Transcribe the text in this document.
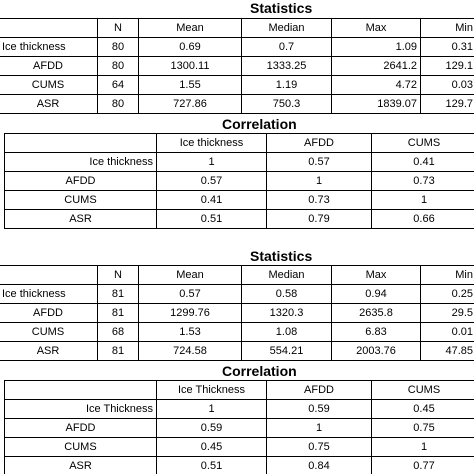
Statistics
	N	Mean	Median	Max	Min
Ice thickness	80	0.69	0.7	1.09	0.31
AFDD	80	1300.11	1333.25	2641.2	129.1
CUMS	64	1.55	1.19	4.72	0.03
ASR	80	727.86	750.3	1839.07	129.7
Correlation
	Ice thickness	AFDD	CUMS
Ice thickness	1	0.57	0.41
AFDD	0.57	1	0.73
CUMS	0.41	0.73	1
ASR	0.51	0.79	0.66
Statistics
	N	Mean	Median	Max	Min
Ice thickness	81	0.57	0.58	0.94	0.25
AFDD	81	1299.76	1320.3	2635.8	29.5
CUMS	68	1.53	1.08	6.83	0.01
ASR	81	724.58	554.21	2003.76	47.85
Correlation
	Ice Thickness	AFDD	CUMS
Ice Thickness	1	0.59	0.45
AFDD	0.59	1	0.75
CUMS	0.45	0.75	1
ASR	0.51	0.84	0.77
